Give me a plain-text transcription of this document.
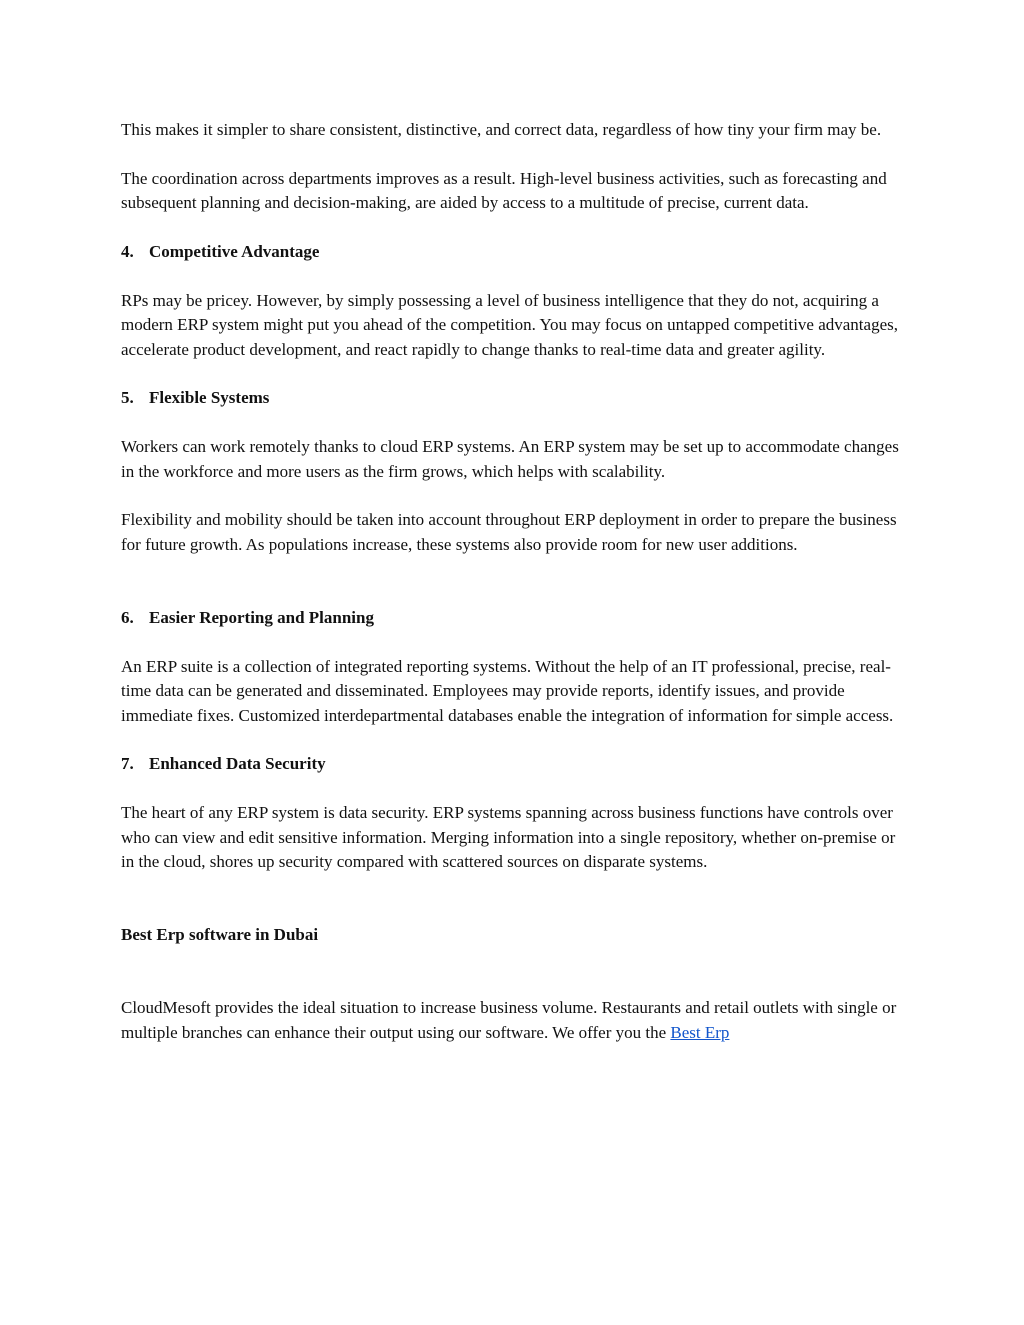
This makes it simpler to share consistent, distinctive, and correct data, regardless of how tiny your firm may be.

The coordination across departments improves as a result. High-level business activities, such as forecasting and subsequent planning and decision-making, are aided by access to a multitude of precise, current data.

4. Competitive Advantage

RPs may be pricey. However, by simply possessing a level of business intelligence that they do not, acquiring a modern ERP system might put you ahead of the competition. You may focus on untapped competitive advantages, accelerate product development, and react rapidly to change thanks to real-time data and greater agility.

5. Flexible Systems

Workers can work remotely thanks to cloud ERP systems. An ERP system may be set up to accommodate changes in the workforce and more users as the firm grows, which helps with scalability.

Flexibility and mobility should be taken into account throughout ERP deployment in order to prepare the business for future growth. As populations increase, these systems also provide room for new user additions.

6. Easier Reporting and Planning

An ERP suite is a collection of integrated reporting systems. Without the help of an IT professional, precise, real-time data can be generated and disseminated. Employees may provide reports, identify issues, and provide immediate fixes. Customized interdepartmental databases enable the integration of information for simple access.

7. Enhanced Data Security

The heart of any ERP system is data security. ERP systems spanning across business functions have controls over who can view and edit sensitive information. Merging information into a single repository, whether on-premise or in the cloud, shores up security compared with scattered sources on disparate systems.

Best Erp software in Dubai

CloudMesoft provides the ideal situation to increase business volume. Restaurants and retail outlets with single or multiple branches can enhance their output using our software. We offer you the Best Erp
